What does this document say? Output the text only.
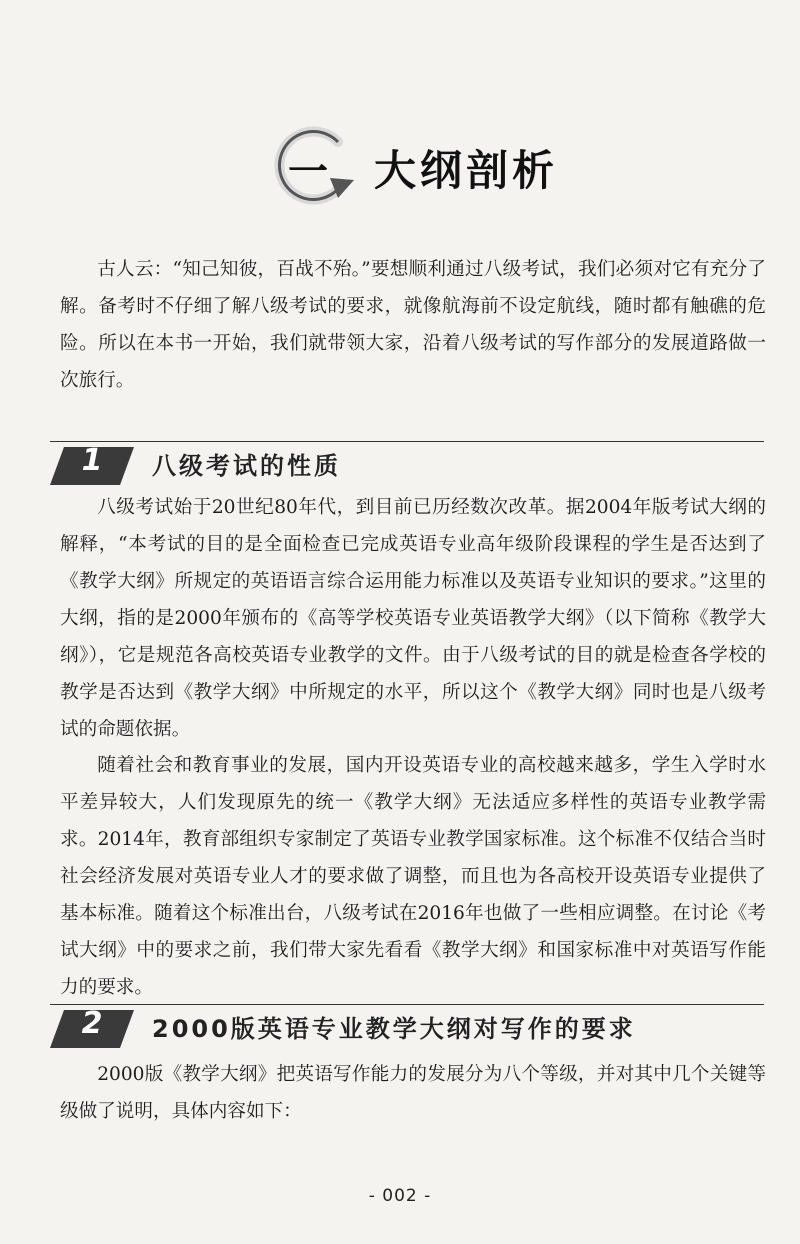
一	大纲剖析

古人云：“知己知彼，百战不殆。”要想顺利通过八级考试，我们必须对它有充分了解。备考时不仔细了解八级考试的要求，就像航海前不设定航线，随时都有触礁的危险。所以在本书一开始，我们就带领大家，沿着八级考试的写作部分的发展道路做一次旅行。

1	八级考试的性质

八级考试始于20世纪80年代，到目前已历经数次改革。据2004年版考试大纲的解释，“本考试的目的是全面检查已完成英语专业高年级阶段课程的学生是否达到了《教学大纲》所规定的英语语言综合运用能力标准以及英语专业知识的要求。”这里的大纲，指的是2000年颁布的《高等学校英语专业英语教学大纲》（以下简称《教学大纲》），它是规范各高校英语专业教学的文件。由于八级考试的目的就是检查各学校的教学是否达到《教学大纲》中所规定的水平，所以这个《教学大纲》同时也是八级考试的命题依据。

随着社会和教育事业的发展，国内开设英语专业的高校越来越多，学生入学时水平差异较大，人们发现原先的统一《教学大纲》无法适应多样性的英语专业教学需求。2014年，教育部组织专家制定了英语专业教学国家标准。这个标准不仅结合当时社会经济发展对英语专业人才的要求做了调整，而且也为各高校开设英语专业提供了基本标准。随着这个标准出台，八级考试在2016年也做了一些相应调整。在讨论《考试大纲》中的要求之前，我们带大家先看看《教学大纲》和国家标准中对英语写作能力的要求。

2	2000版英语专业教学大纲对写作的要求

2000版《教学大纲》把英语写作能力的发展分为八个等级，并对其中几个关键等级做了说明，具体内容如下：

- 002 -
